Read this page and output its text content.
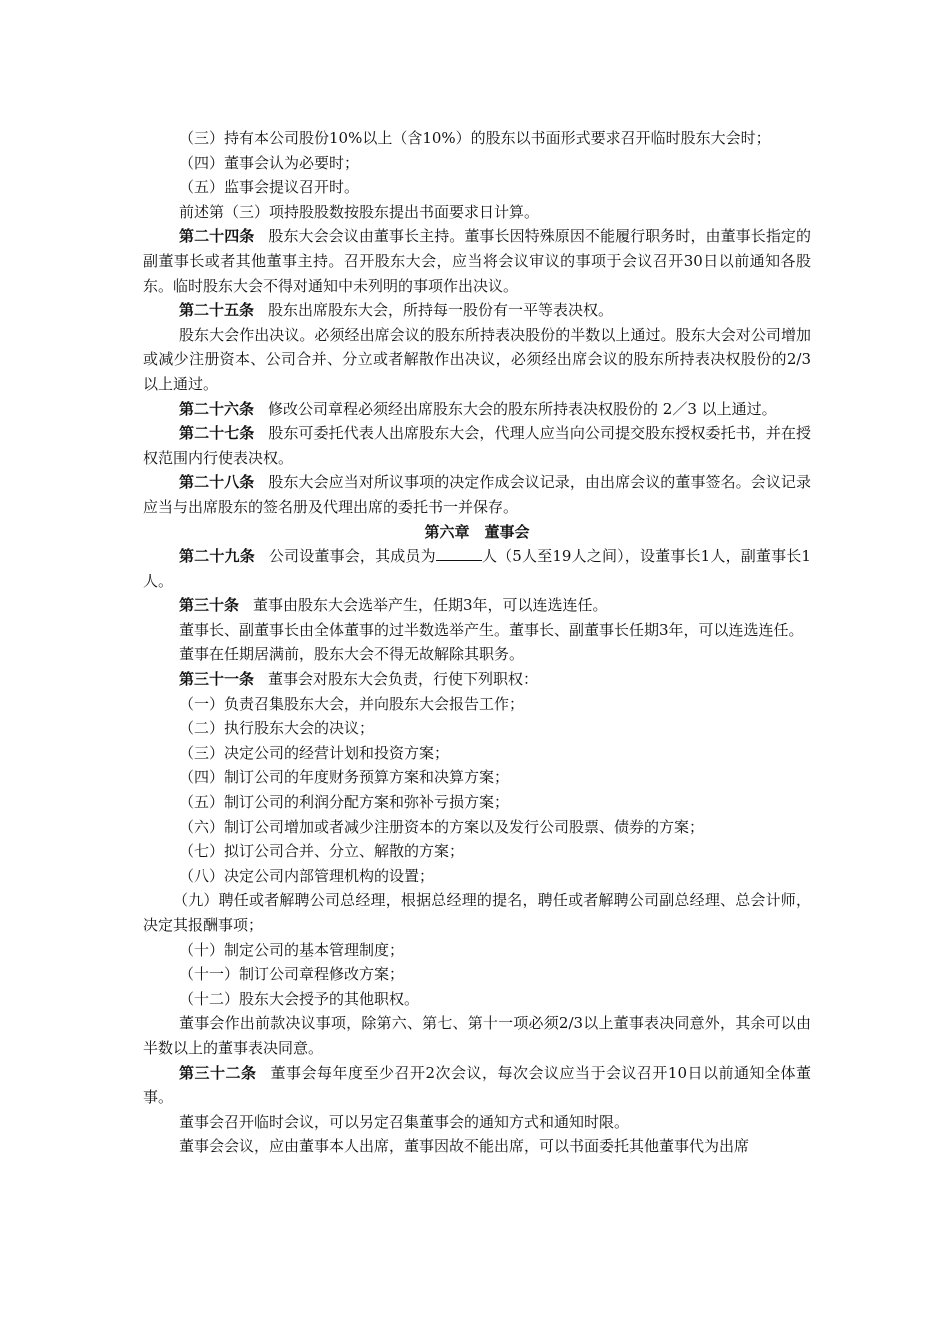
（三）持有本公司股份10%以上（含10%）的股东以书面形式要求召开临时股东大会时；

（四）董事会认为必要时；

（五）监事会提议召开时。

前述第（三）项持股股数按股东提出书面要求日计算。

第二十四条 股东大会会议由董事长主持。董事长因特殊原因不能履行职务时，由董事长指定的副董事长或者其他董事主持。召开股东大会，应当将会议审议的事项于会议召开30日以前通知各股东。临时股东大会不得对通知中未列明的事项作出决议。

第二十五条 股东出席股东大会，所持每一股份有一平等表决权。

股东大会作出决议。必须经出席会议的股东所持表决股份的半数以上通过。股东大会对公司增加或减少注册资本、公司合并、分立或者解散作出决议，必须经出席会议的股东所持表决权股份的2/3以上通过。

第二十六条 修改公司章程必须经出席股东大会的股东所持表决权股份的 2／3 以上通过。

第二十七条 股东可委托代表人出席股东大会，代理人应当向公司提交股东授权委托书，并在授权范围内行使表决权。

第二十八条 股东大会应当对所议事项的决定作成会议记录，由出席会议的董事签名。会议记录应当与出席股东的签名册及代理出席的委托书一并保存。

第六章　董事会

第二十九条 公司设董事会，其成员为	人（5人至19人之间），设董事长1人，副董事长1人。

第三十条 董事由股东大会选举产生，任期3年，可以连选连任。

董事长、副董事长由全体董事的过半数选举产生。董事长、副董事长任期3年，可以连选连任。

董事在任期居满前，股东大会不得无故解除其职务。

第三十一条 董事会对股东大会负责，行使下列职权：

（一）负责召集股东大会，并向股东大会报告工作；

（二）执行股东大会的决议；

（三）决定公司的经营计划和投资方案；

（四）制订公司的年度财务预算方案和决算方案；

（五）制订公司的利润分配方案和弥补亏损方案；

（六）制订公司增加或者减少注册资本的方案以及发行公司股票、债券的方案；

（七）拟订公司合并、分立、解散的方案；

（八）决定公司内部管理机构的设置；

（九）聘任或者解聘公司总经理，根据总经理的提名，聘任或者解聘公司副总经理、总会计师，决定其报酬事项；

（十）制定公司的基本管理制度；

（十一）制订公司章程修改方案；

（十二）股东大会授予的其他职权。

董事会作出前款决议事项，除第六、第七、第十一项必须2/3以上董事表决同意外，其余可以由半数以上的董事表决同意。

第三十二条 董事会每年度至少召开2次会议，每次会议应当于会议召开10日以前通知全体董事。

董事会召开临时会议，可以另定召集董事会的通知方式和通知时限。

董事会会议，应由董事本人出席，董事因故不能出席，可以书面委托其他董事代为出席
